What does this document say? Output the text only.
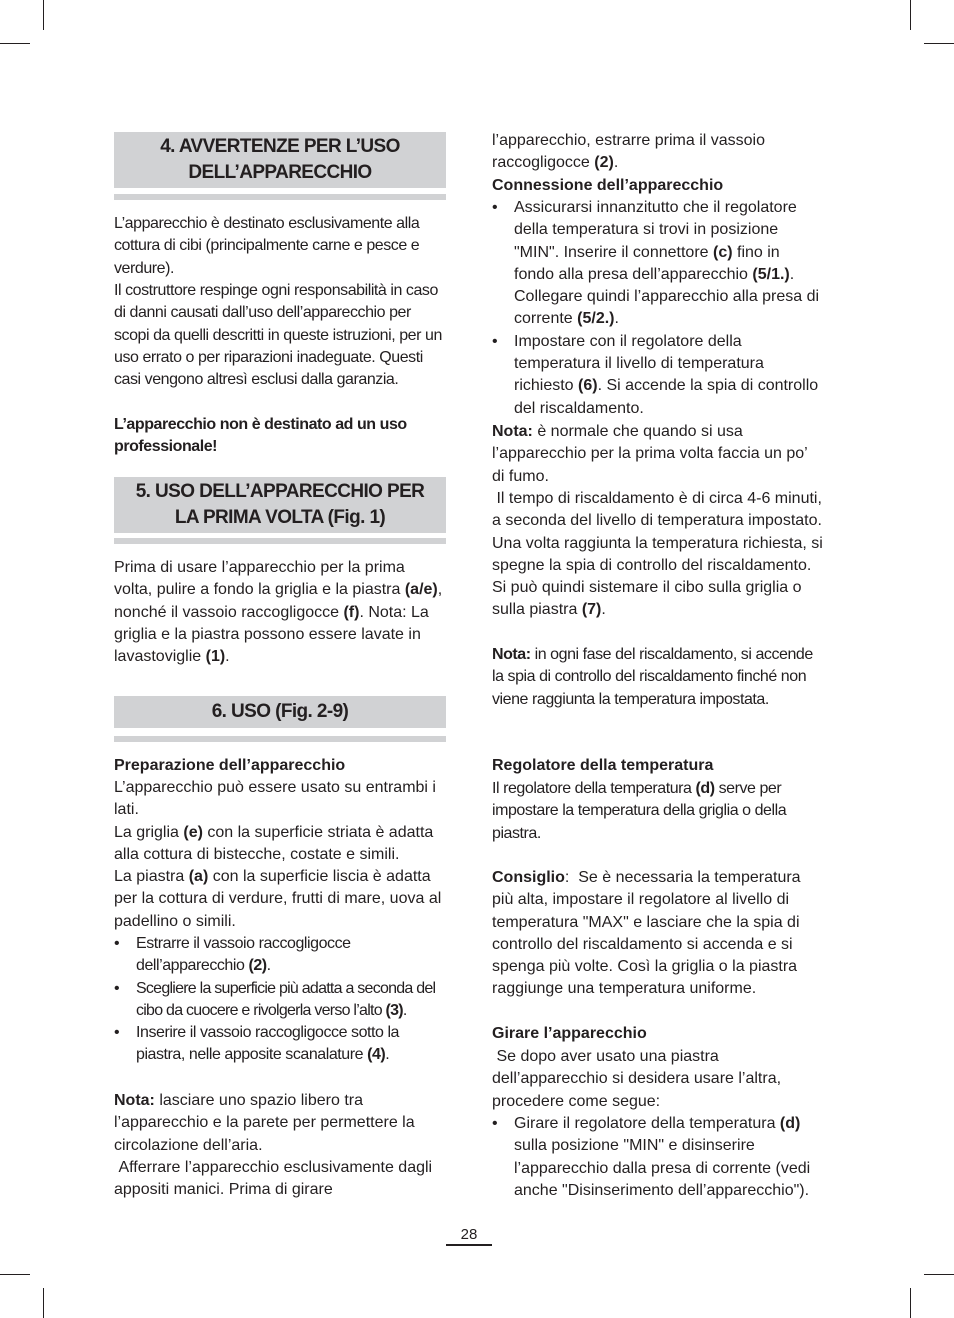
4. AVVERTENZE PER L’USO DELL’APPARECCHIO
L’apparecchio è destinato esclusivamente alla cottura di cibi (principalmente carne e pesce e verdure).
Il costruttore respinge ogni responsabilità in caso di danni causati dall’uso dell’apparecchio per scopi da quelli descritti in queste istruzioni, per un uso errato o per riparazioni inadeguate. Questi casi vengono altresì esclusi dalla garanzia.
L’apparecchio non è destinato ad un uso professionale!
5. USO DELL’APPARECCHIO PER LA PRIMA VOLTA (Fig. 1)
Prima di usare l’apparecchio per la prima volta, pulire a fondo la griglia e la piastra (a/e), nonché il vassoio raccogligocce (f). Nota: La griglia e la piastra possono essere lavate in lavastoviglie (1).
6. USO (Fig. 2-9)
Preparazione dell’apparecchio
L’apparecchio può essere usato su entrambi i lati.
La griglia (e) con la superficie striata è adatta alla cottura di bistecche, costate e simili.
La piastra (a) con la superficie liscia è adatta per la cottura di verdure, frutti di mare, uova al padellino o simili.
• Estrarre il vassoio raccogligocce dell’apparecchio (2).
• Scegliere la superficie più adatta a seconda del cibo da cuocere e rivolgerla verso l’alto (3).
• Inserire il vassoio raccogligocce sotto la piastra, nelle apposite scanalature (4).
Nota: lasciare uno spazio libero tra l’apparecchio e la parete per permettere la circolazione dell’aria.
Afferrare l’apparecchio esclusivamente dagli appositi manici. Prima di girare
l’apparecchio, estrarre prima il vassoio raccogligocce (2).
Connessione dell’apparecchio
• Assicurarsi innanzitutto che il regolatore della temperatura si trovi in posizione "MIN". Inserire il connettore (c) fino in fondo alla presa dell’apparecchio (5/1.). Collegare quindi l’apparecchio alla presa di corrente (5/2.).
• Impostare con il regolatore della temperatura il livello di temperatura richiesto (6). Si accende la spia di controllo del riscaldamento.
Nota: è normale che quando si usa l’apparecchio per la prima volta faccia un po’ di fumo.
Il tempo di riscaldamento è di circa 4-6 minuti, a seconda del livello di temperatura impostato. Una volta raggiunta la temperatura richiesta, si spegne la spia di controllo del riscaldamento. Si può quindi sistemare il cibo sulla griglia o sulla piastra (7).
Nota: in ogni fase del riscaldamento, si accende la spia di controllo del riscaldamento finché non viene raggiunta la temperatura impostata.
Regolatore della temperatura
Il regolatore della temperatura (d) serve per impostare la temperatura della griglia o della piastra.
Consiglio:  Se è necessaria la temperatura più alta, impostare il regolatore al livello di temperatura "MAX" e lasciare che la spia di controllo del riscaldamento si accenda e si spenga più volte. Così la griglia o la piastra raggiunge una temperatura uniforme.
Girare l’apparecchio
Se dopo aver usato una piastra dell’apparecchio si desidera usare l’altra, procedere come segue:
• Girare il regolatore della temperatura (d) sulla posizione "MIN" e disinserire l’apparecchio dalla presa di corrente (vedi anche "Disinserimento dell’apparecchio").
28
